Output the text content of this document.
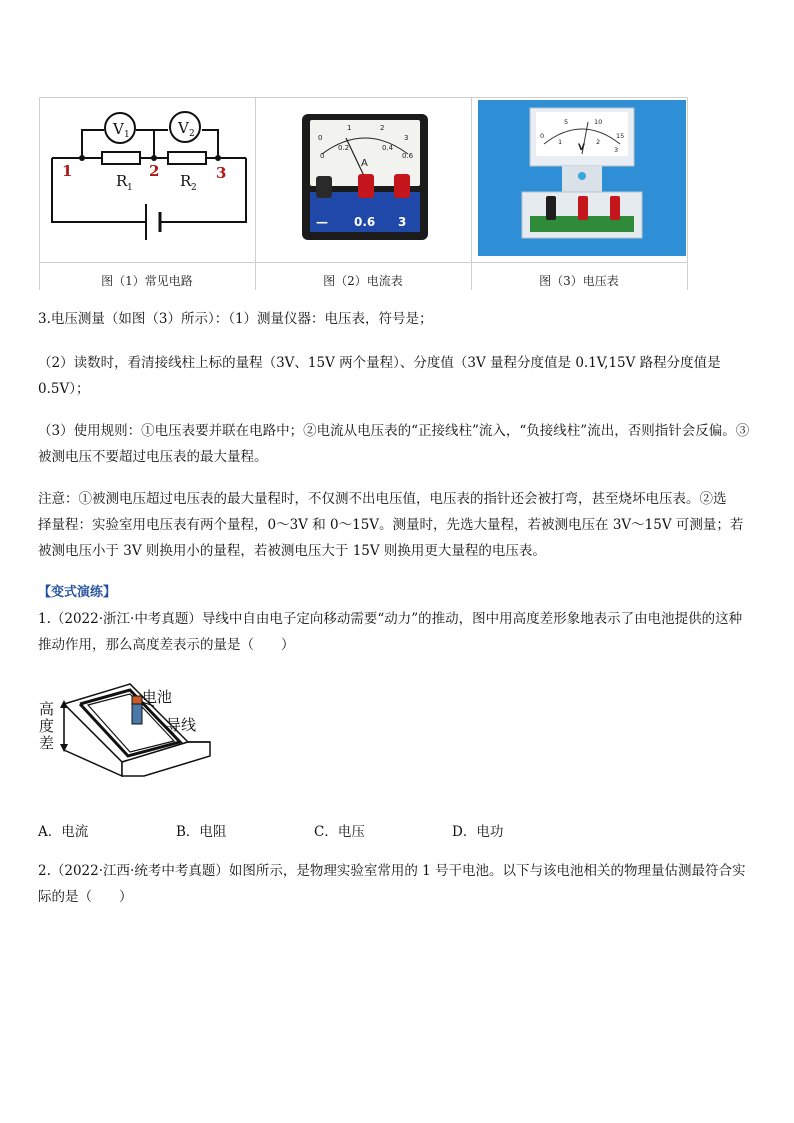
V 1	V 2
R 1	R 2
1	2	3
0
1	2
3
0
0.2	0.4
0.6
A
— 0.6 3
0
5	10
15
1	2
3
V
图（1）常见电路	图（2）电流表	图（3）电压表
3.电压测量（如图（3）所示）：（1）测量仪器：电压表，符号是；
（2）读数时，看清接线柱上标的量程（3V、15V 两个量程）、分度值（3V 量程分度值是 0.1V,15V 路程分度值是
0.5V）；
（3）使用规则：①电压表要并联在电路中；②电流从电压表的“正接线柱”流入，“负接线柱”流出，否则指针会反偏。③
被测电压不要超过电压表的最大量程。
注意：①被测电压超过电压表的最大量程时，不仅测不出电压值，电压表的指针还会被打弯，甚至烧坏电压表。②选
择量程：实验室用电压表有两个量程，0～3V 和 0～15V。测量时，先选大量程，若被测电压在 3V～15V 可测量；若
被测电压小于 3V 则换用小的量程，若被测电压大于 15V 则换用更大量程的电压表。
【变式演练】
1.（2022·浙江·中考真题）导线中自由电子定向移动需要“动力”的推动，图中用高度差形象地表示了由电池提供的这种
推动作用，那么高度差表示的量是（　　）
高
度
差
电池
导线
A．电流	B．电阻	C．电压	D．电功
2.（2022·江西·统考中考真题）如图所示，是物理实验室常用的 1 号干电池。以下与该电池相关的物理量估测最符合实
际的是（　　）
